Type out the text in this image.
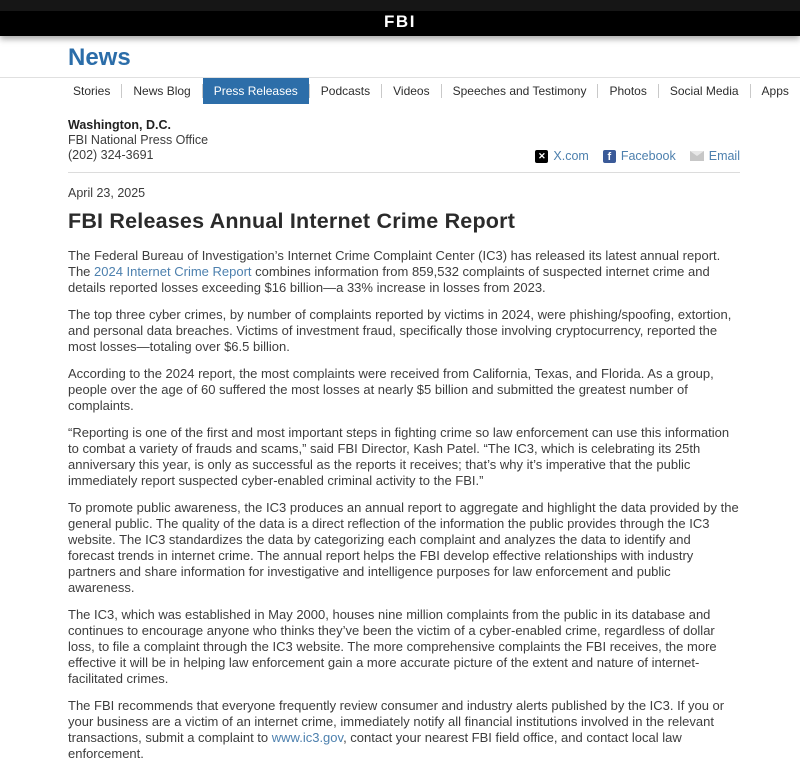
FBI
News
Stories	News Blog	Press Releases	Podcasts	Videos	Speeches and Testimony	Photos	Social Media	Apps
Washington, D.C.
FBI National Press Office
(202) 324-3691 ✕	X.com f	Facebook	Email
April 23, 2025
FBI Releases Annual Internet Crime Report

The Federal Bureau of Investigation’s Internet Crime Complaint Center (IC3) has released its latest annual report. The 2024 Internet Crime Report combines information from 859,532 complaints of suspected internet crime and details reported losses exceeding $16 billion—a 33% increase in losses from 2023.

The top three cyber crimes, by number of complaints reported by victims in 2024, were phishing/spoofing, extortion, and personal data breaches. Victims of investment fraud, specifically those involving cryptocurrency, reported the most losses—totaling over $6.5 billion.

According to the 2024 report, the most complaints were received from California, Texas, and Florida. As a group, people over the age of 60 suffered the most losses at nearly $5 billion and submitted the greatest number of complaints.

“Reporting is one of the first and most important steps in fighting crime so law enforcement can use this information to combat a variety of frauds and scams,” said FBI Director, Kash Patel. “The IC3, which is celebrating its 25th anniversary this year, is only as successful as the reports it receives; that’s why it’s imperative that the public immediately report suspected cyber-enabled criminal activity to the FBI.”

To promote public awareness, the IC3 produces an annual report to aggregate and highlight the data provided by the general public. The quality of the data is a direct reflection of the information the public provides through the IC3 website. The IC3 standardizes the data by categorizing each complaint and analyzes the data to identify and forecast trends in internet crime. The annual report helps the FBI develop effective relationships with industry partners and share information for investigative and intelligence purposes for law enforcement and public awareness.

The IC3, which was established in May 2000, houses nine million complaints from the public in its database and continues to encourage anyone who thinks they’ve been the victim of a cyber-enabled crime, regardless of dollar loss, to file a complaint through the IC3 website. The more comprehensive complaints the FBI receives, the more effective it will be in helping law enforcement gain a more accurate picture of the extent and nature of internet-facilitated crimes.

The FBI recommends that everyone frequently review consumer and industry alerts published by the IC3. If you or your business are a victim of an internet crime, immediately notify all financial institutions involved in the relevant transactions, submit a complaint to www.ic3.gov, contact your nearest FBI field office, and contact local law enforcement.
